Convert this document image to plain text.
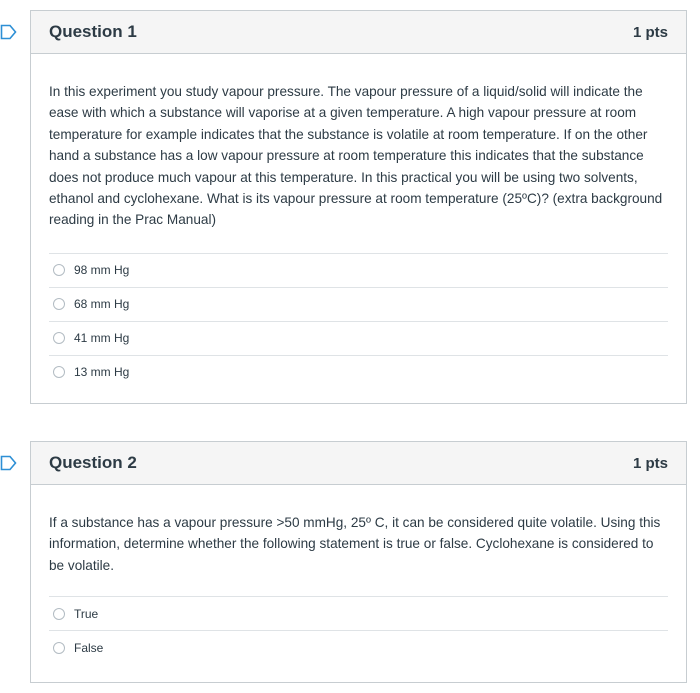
Question 1	1 pts

In this experiment you study vapour pressure. The vapour pressure of a liquid/solid will indicate the ease with which a substance will vaporise at a given temperature. A high vapour pressure at room temperature for example indicates that the substance is volatile at room temperature. If on the other hand a substance has a low vapour pressure at room temperature this indicates that the substance does not produce much vapour at this temperature. In this practical you will be using two solvents, ethanol and cyclohexane. What is its vapour pressure at room temperature (25ºC)? (extra background reading in the Prac Manual)

98 mm Hg
68 mm Hg
41 mm Hg
13 mm Hg
Question 2	1 pts

If a substance has a vapour pressure >50 mmHg, 25º C, it can be considered quite volatile. Using this information, determine whether the following statement is true or false. Cyclohexane is considered to be volatile.

True
False
